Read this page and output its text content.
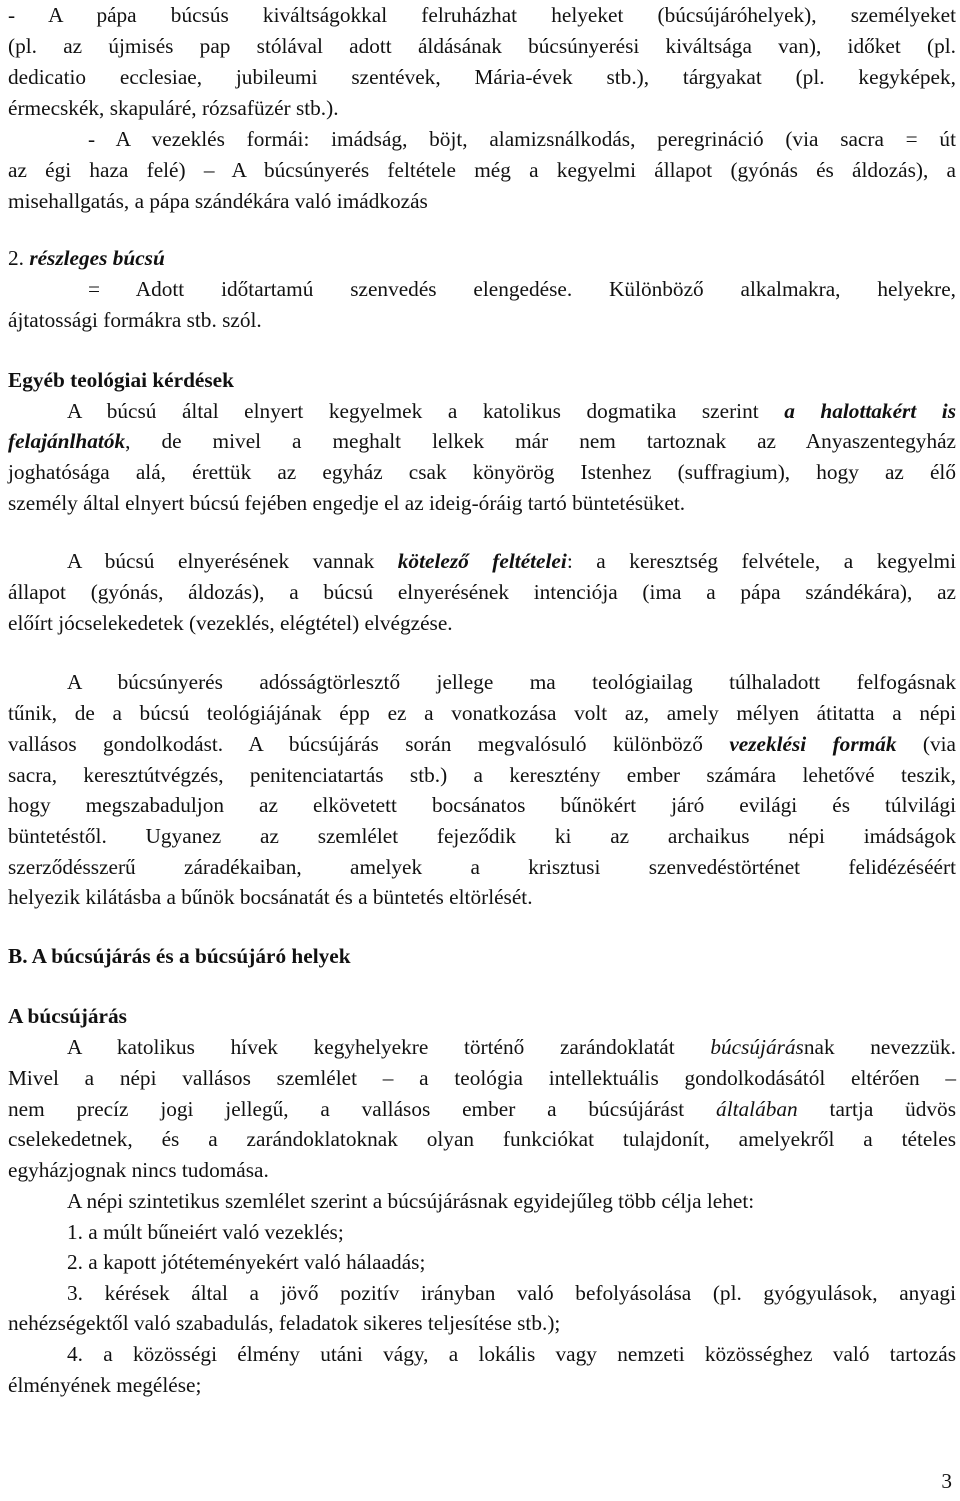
- A pápa búcsús kiváltságokkal felruházhat helyeket (búcsújáróhelyek), személyeket
(pl. az újmisés pap stólával adott áldásának búcsúnyerési kiváltsága van), időket (pl.
dedicatio ecclesiae, jubileumi szentévek, Mária-évek stb.), tárgyakat (pl. kegyképek,
érmecskék, skapuláré, rózsafüzér stb.).
- A vezeklés formái: imádság, böjt, alamizsnálkodás, peregrináció (via sacra = út
az égi haza felé) – A búcsúnyerés feltétele még a kegyelmi állapot (gyónás és áldozás), a
misehallgatás, a pápa szándékára való imádkozás
2. részleges búcsú
= Adott időtartamú szenvedés elengedése. Különböző alkalmakra, helyekre,
ájtatossági formákra stb. szól.
Egyéb teológiai kérdések
A búcsú által elnyert kegyelmek a katolikus dogmatika szerint a halottakért is
felajánlhatók, de mivel a meghalt lelkek már nem tartoznak az Anyaszentegyház
joghatósága alá, érettük az egyház csak könyörög Istenhez (suffragium), hogy az élő
személy által elnyert búcsú fejében engedje el az ideig-óráig tartó büntetésüket.
A búcsú elnyerésének vannak kötelező feltételei: a keresztség felvétele, a kegyelmi
állapot (gyónás, áldozás), a búcsú elnyerésének intenciója (ima a pápa szándékára), az
előírt jócselekedetek (vezeklés, elégtétel) elvégzése.
A búcsúnyerés adósságtörlesztő jellege ma teológiailag túlhaladott felfogásnak
tűnik, de a búcsú teológiájának épp ez a vonatkozása volt az, amely mélyen átitatta a népi
vallásos gondolkodást. A búcsújárás során megvalósuló különböző vezeklési formák (via
sacra, keresztútvégzés, penitenciatartás stb.) a keresztény ember számára lehetővé teszik,
hogy megszabaduljon az elkövetett bocsánatos bűnökért járó evilági és túlvilági
büntetéstől. Ugyanez az szemlélet fejeződik ki az archaikus népi imádságok
szerződésszerű záradékaiban, amelyek a krisztusi szenvedéstörténet felidézéséért
helyezik kilátásba a bűnök bocsánatát és a büntetés eltörlését.
B. A búcsújárás és a búcsújáró helyek
A búcsújárás
A katolikus hívek kegyhelyekre történő zarándoklatát búcsújárásnak nevezzük.
Mivel a népi vallásos szemlélet – a teológia intellektuális gondolkodásától eltérően –
nem precíz jogi jellegű, a vallásos ember a búcsújárást általában tartja üdvös
cselekedetnek, és a zarándoklatoknak olyan funkciókat tulajdonít, amelyekről a tételes
egyházjognak nincs tudomása.
A népi szintetikus szemlélet szerint a búcsújárásnak egyidejűleg több célja lehet:
1. a múlt bűneiért való vezeklés;
2. a kapott jótéteményekért való hálaadás;
3. kérések által a jövő pozitív irányban való befolyásolása (pl. gyógyulások, anyagi
nehézségektől való szabadulás, feladatok sikeres teljesítése stb.);
4. a közösségi élmény utáni vágy, a lokális vagy nemzeti közösséghez való tartozás
élményének megélése;
3
